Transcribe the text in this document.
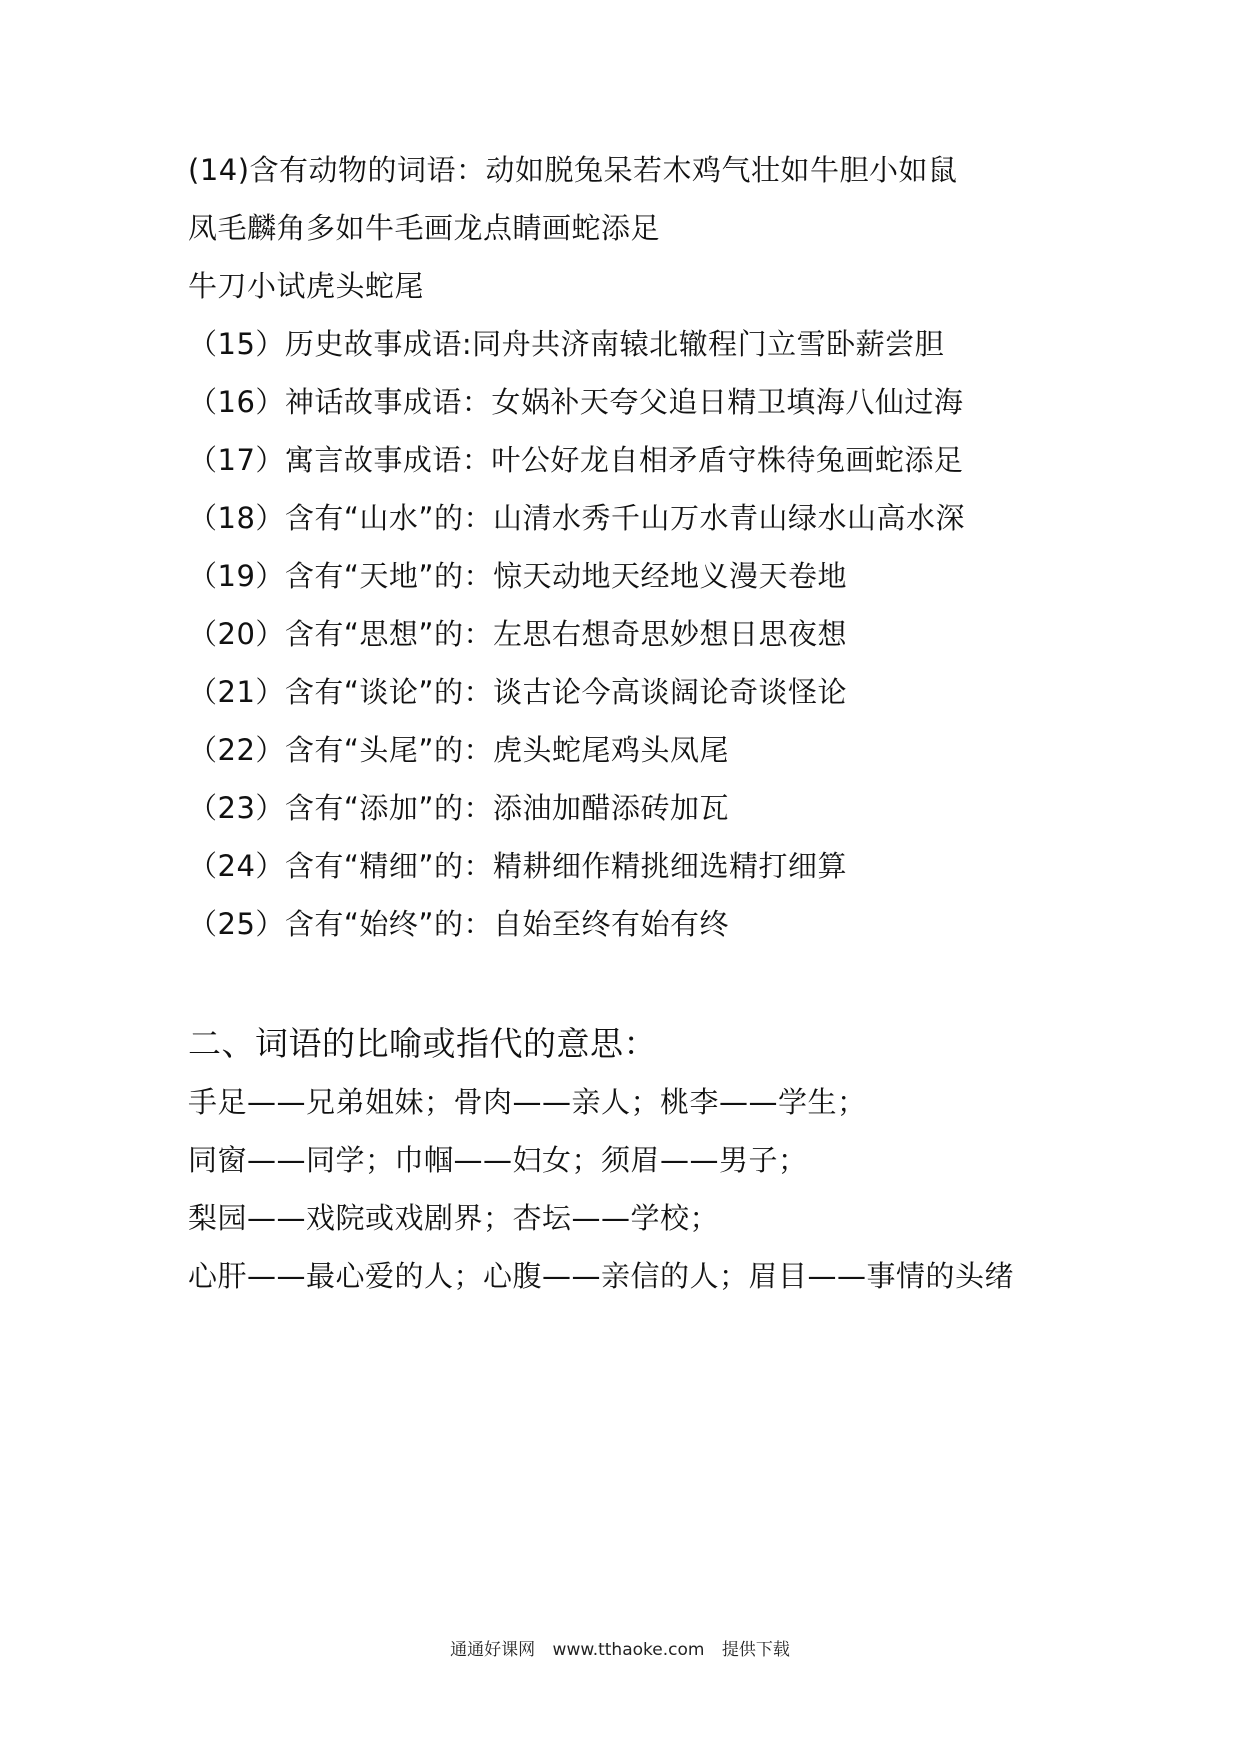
(14)含有动物的词语：动如脱兔呆若木鸡气壮如牛胆小如鼠
凤毛麟角多如牛毛画龙点睛画蛇添足
牛刀小试虎头蛇尾
（15）历史故事成语:同舟共济南辕北辙程门立雪卧薪尝胆
（16）神话故事成语：女娲补天夸父追日精卫填海八仙过海
（17）寓言故事成语：叶公好龙自相矛盾守株待兔画蛇添足
（18）含有“山水”的：山清水秀千山万水青山绿水山高水深
（19）含有“天地”的：惊天动地天经地义漫天卷地
（20）含有“思想”的：左思右想奇思妙想日思夜想
（21）含有“谈论”的：谈古论今高谈阔论奇谈怪论
（22）含有“头尾”的：虎头蛇尾鸡头凤尾
（23）含有“添加”的：添油加醋添砖加瓦
（24）含有“精细”的：精耕细作精挑细选精打细算
（25）含有“始终”的：自始至终有始有终
二、词语的比喻或指代的意思：
手足——兄弟姐妹；骨肉——亲人；桃李——学生；
同窗——同学；巾帼——妇女；须眉——男子；
梨园——戏院或戏剧界；杏坛——学校；
心肝——最心爱的人；心腹——亲信的人；眉目——事情的头绪
通通好课网 www.tthaoke.com 提供下载
